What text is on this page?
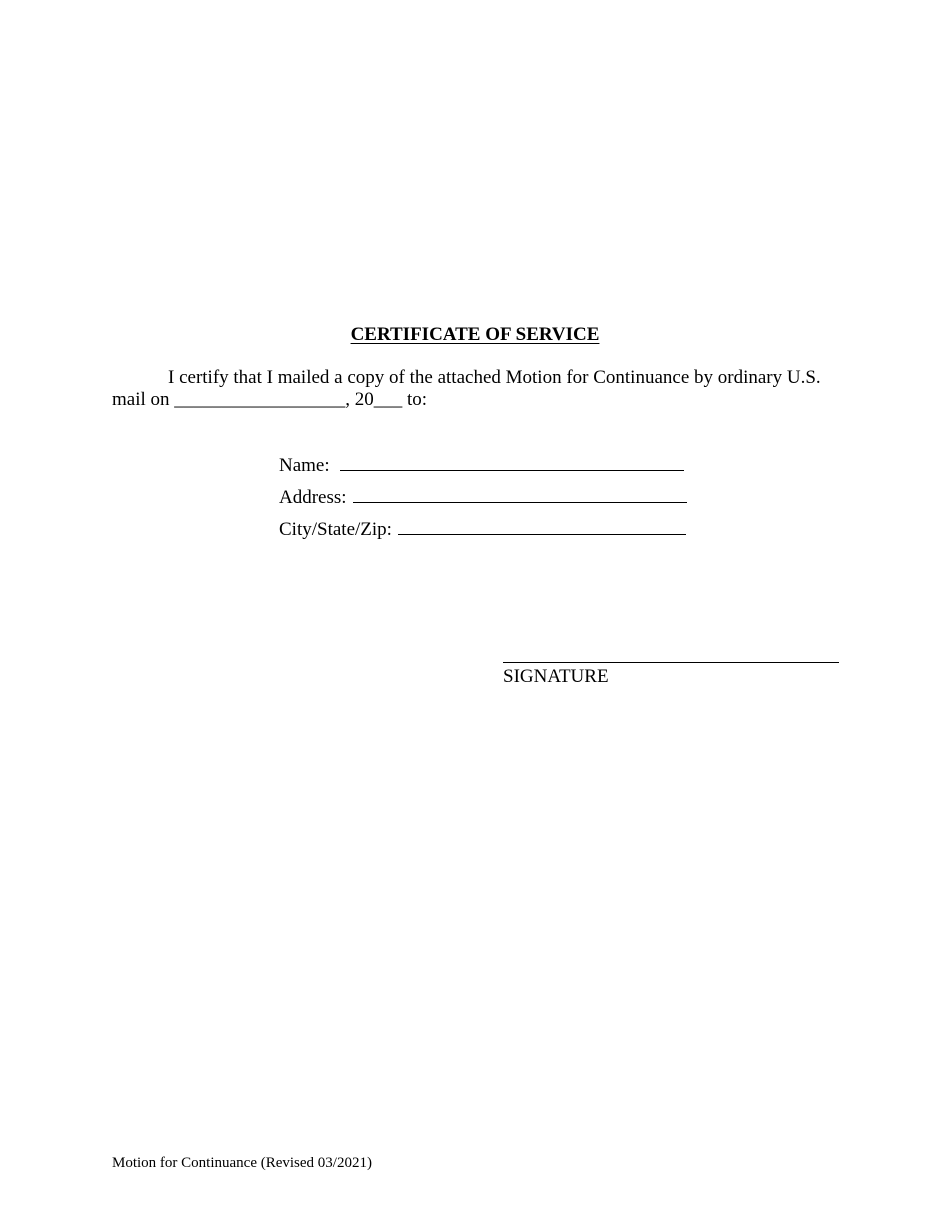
CERTIFICATE OF SERVICE
I certify that I mailed a copy of the attached Motion for Continuance by ordinary U.S.
mail on __________________, 20___ to:
Name:
Address:
City/State/Zip:
SIGNATURE
Motion for Continuance (Revised 03/2021)
